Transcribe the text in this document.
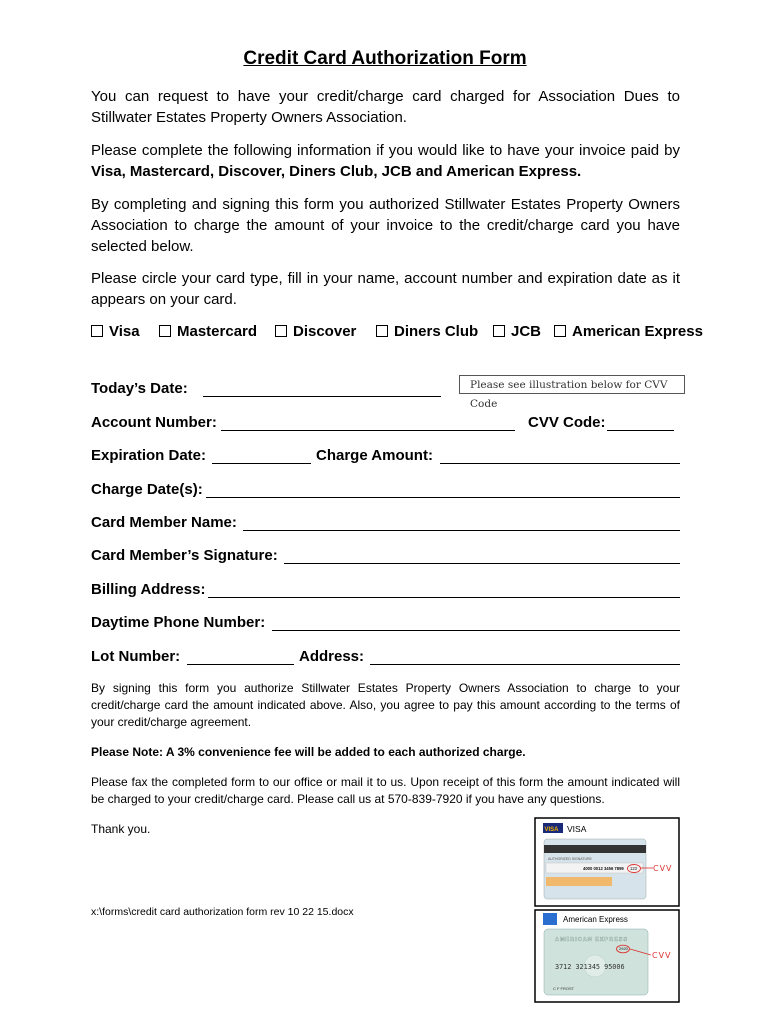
Credit Card Authorization Form
You can request to have your credit/charge card charged for Association Dues to Stillwater Estates Property Owners Association.
Please complete the following information if you would like to have your invoice paid by Visa, Mastercard, Discover, Diners Club, JCB and American Express.
By completing and signing this form you authorized Stillwater Estates Property Owners Association to charge the amount of your invoice to the credit/charge card you have selected below.
Please circle your card type, fill in your name, account number and expiration date as it appears on your card.
Visa	Mastercard	Discover	Diners Club	JCB	American Express
Today’s Date:	Please see illustration below for CVV Code
Account Number:	CVV Code:
Expiration Date:	Charge Amount:
Charge Date(s):
Card Member Name:
Card Member’s Signature:
Billing Address:
Daytime Phone Number:
Lot Number:	Address:
By signing this form you authorize Stillwater Estates Property Owners Association to charge to your credit/charge card the amount indicated above. Also, you agree to pay this amount according to the terms of your credit/charge agreement.
Please Note: A 3% convenience fee will be added to each authorized charge.
Please fax the completed form to our office or mail it to us. Upon receipt of this form the amount indicated will be charged to your credit/charge card. Please call us at 570-839-7920 if you have any questions.
Thank you.
x:\forms\credit card authorization form rev 10 22 15.docx
VISA VISA
AUTHORIZED SIGNATURE
4000 0012 3456 7899 123 CVV
American Express
AMERICAN EXPRESS
2920
CVV
3712 321345 95006
C F FROST
